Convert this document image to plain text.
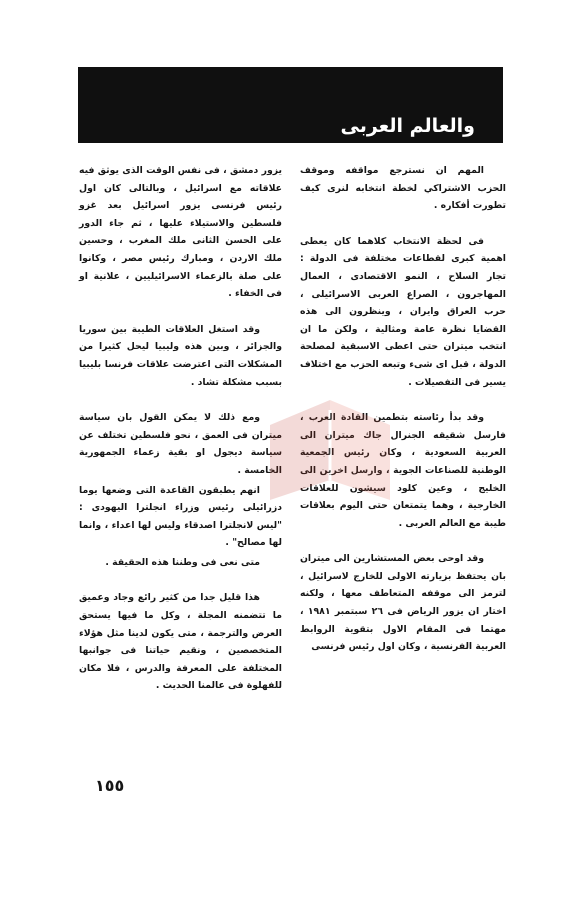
والعالم العربى

المهم ان نسترجع مواقفه وموقف الحزب الاشتراكي لخطة انتخابه لنرى كيف تطورت أفكاره .

فى لحظة الانتخاب كلاهما كان يعطى اهمية كبرى لقطاعات مختلفة فى الدولة : تجار السلاح ، النمو الاقتصادى ، العمال المهاجرون ، الصراع العربى الاسرائيلى ، حرب العراق وايران ، وينظرون الى هذه القضايا نظرة عامة ومثالية ، ولكن ما ان انتخب ميتران حتى اعطى الاسبقية لمصلحة الدولة ، قبل اى شىء وتبعه الحزب مع اختلاف يسير فى التفصيلات .

وقد بدأ رئاسته بتطمين القادة العرب ، فارسل شقيقه الجنرال جاك ميتران الى العربية السعودية ، وكان رئيس الجمعية الوطنية للصناعات الجوية ، وارسل اخرين الى الخليج ، وعين كلود سيشون للعلاقات الخارجية ، وهما يتمتعان حتى اليوم بعلاقات طيبة مع العالم العربى .

وقد اوحى بعض المستشارين الى ميتران بان يحتفظ بزيارته الاولى للخارج لاسرائيل ، لترمز الى موقفه المتعاطف معها ، ولكنه اختار ان يزور الرياض فى ٢٦ سبتمبر ١٩٨١ ، مهتما فى المقام الاول بتقوية الروابط العربية الفرنسية ، وكان اول رئيس فرنسى

يزور دمشق ، فى نفس الوقت الذى يوثق فيه علاقاته مع اسرائيل ، وبالتالى كان اول رئيس فرنسى يزور اسرائيل بعد غزو فلسطين والاستيلاء عليها ، ثم جاء الدور على الحسن الثانى ملك المغرب ، وحسين ملك الاردن ، ومبارك رئيس مصر ، وكانوا على صلة بالزعماء الاسرائيليين ، علانية او فى الخفاء .

وقد استغل العلاقات الطيبة بين سوريا والجزائر ، وبين هذه وليبيا ليحل كثيرا من المشكلات التى اعترضت علاقات فرنسا بليبيا بسبب مشكلة تشاد .

ومع ذلك لا يمكن القول بان سياسة ميتران فى العمق ، نحو فلسطين تختلف عن سياسة ديجول او بقية زعماء الجمهورية الخامسة .

انهم يطبقون القاعدة التى وضعها يوما دزرائيلى رئيس وزراء انجلترا اليهودى : "ليس لانجلترا اصدقاء وليس لها اعداء ، وانما لها مصالح" .

متى نعى فى وطننا هذه الحقيقة .

هذا قليل جدا من كثير رائع وجاد وعميق ما تتضمنه المجلة ، وكل ما فيها يستحق العرض والترجمة ، متى يكون لدينا مثل هؤلاء المتخصصين ، ونقيم حياتنا فى جوانبها المختلفة على المعرفة والدرس ، فلا مكان للفهلوة فى عالمنا الحديث .

١٥٥
